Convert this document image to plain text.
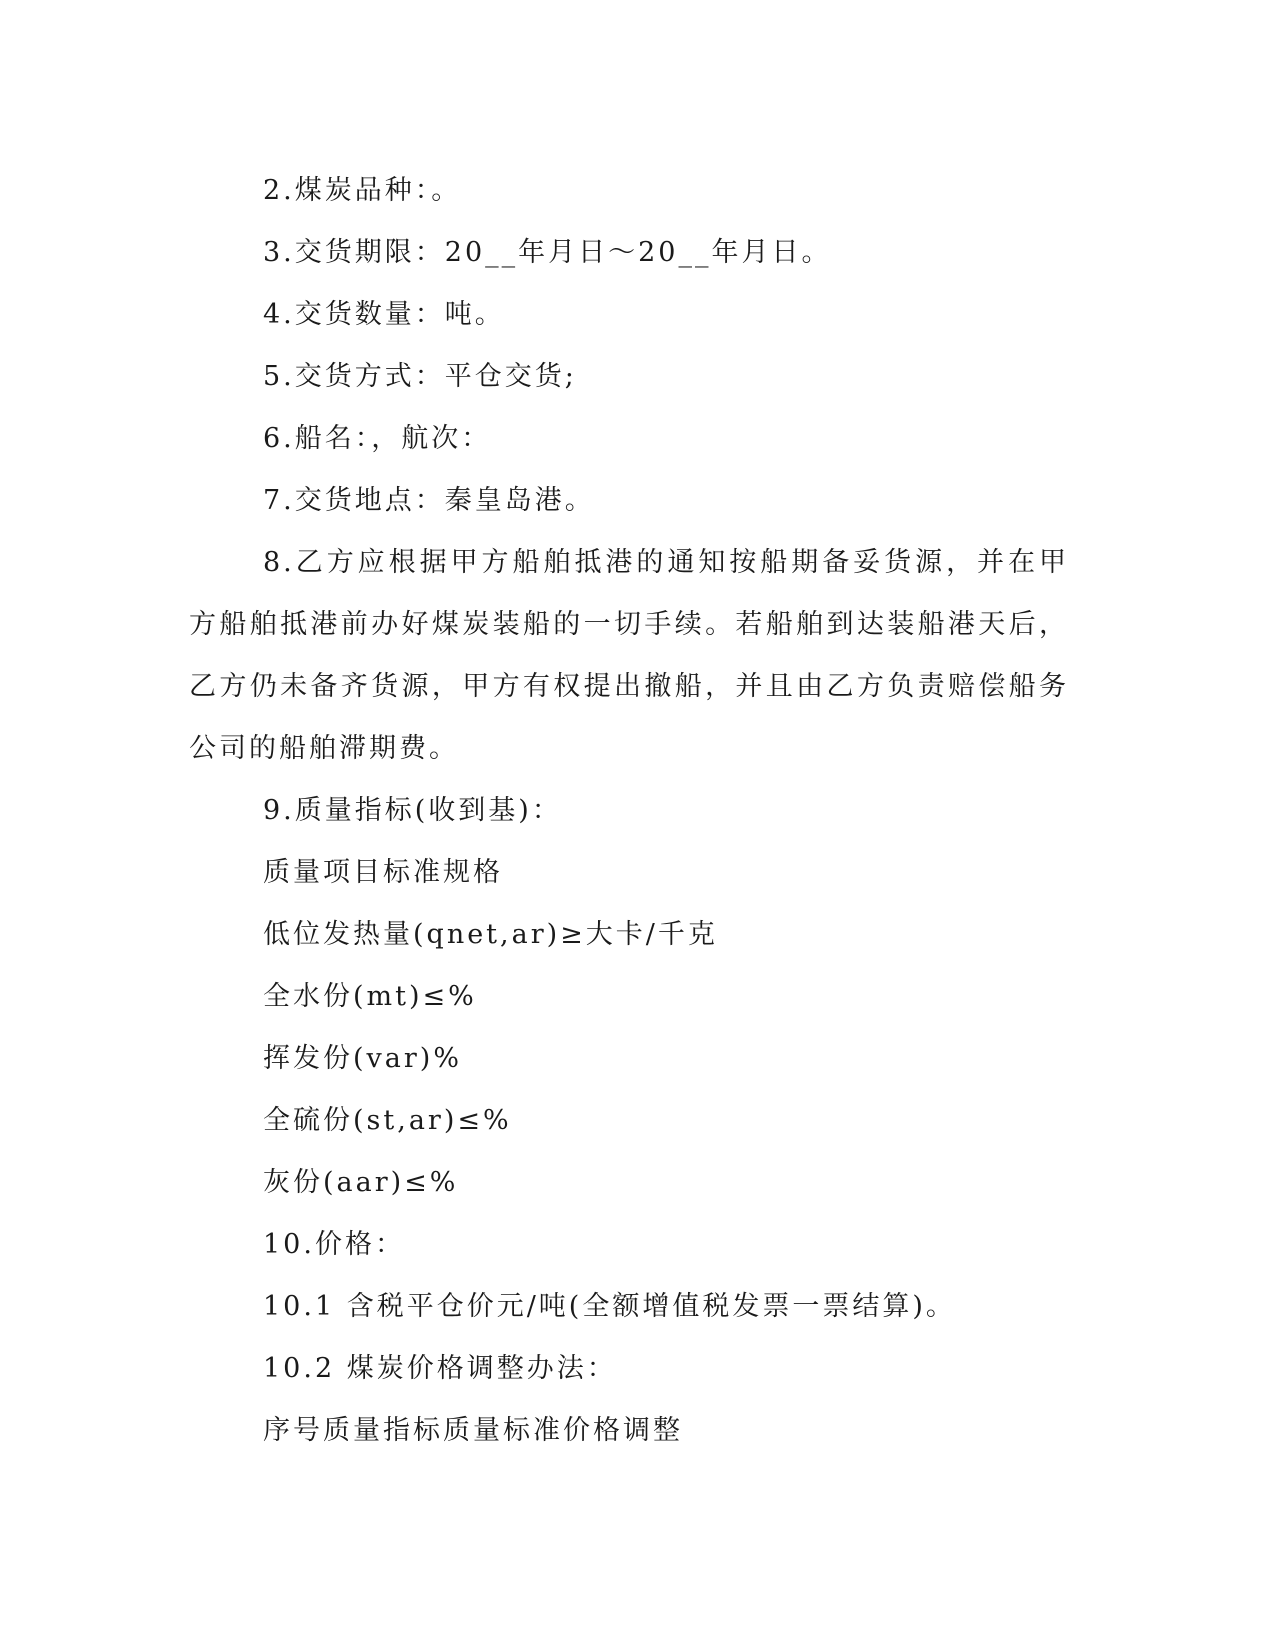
2.煤炭品种：。

3.交货期限：20__年月日～20__年月日。

4.交货数量：吨。

5.交货方式：平仓交货;

6.船名：，航次：

7.交货地点：秦皇岛港。

8.乙方应根据甲方船舶抵港的通知按船期备妥货源，并在甲方船舶抵港前办好煤炭装船的一切手续。若船舶到达装船港天后，乙方仍未备齐货源，甲方有权提出撤船，并且由乙方负责赔偿船务公司的船舶滞期费。

9.质量指标(收到基)：

质量项目标准规格

低位发热量(qnet,ar)≥大卡/千克

全水份(mt)≤%

挥发份(var)%

全硫份(st,ar)≤%

灰份(aar)≤%

10.价格：

10.1 含税平仓价元/吨(全额增值税发票一票结算)。

10.2 煤炭价格调整办法：

序号质量指标质量标准价格调整
